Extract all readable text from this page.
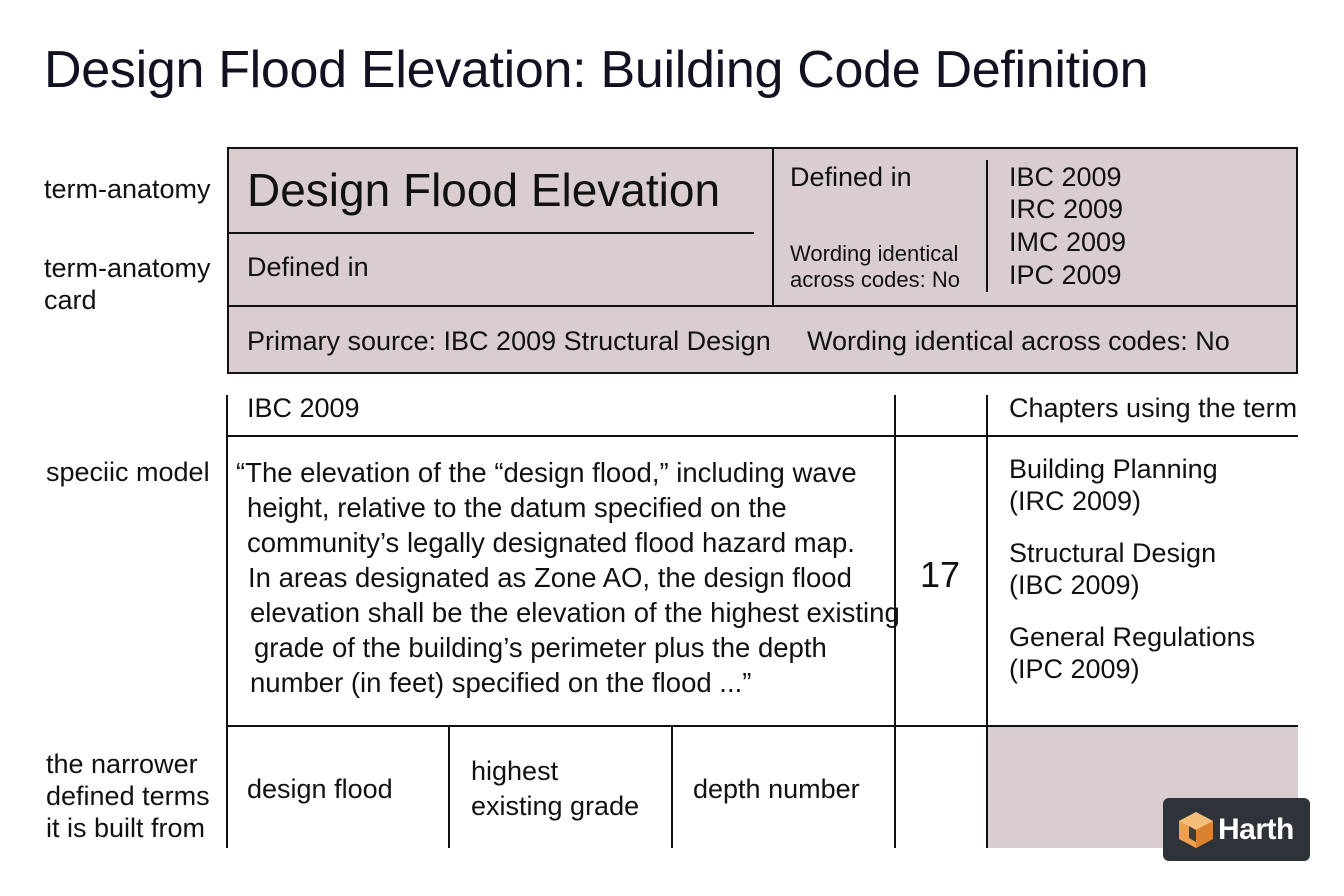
Design Flood Elevation: Building Code Definition
term-anatomy
term-anatomy
card
speciic model
the narrower
defined terms
it is built from
Design Flood Elevation
Defined in
Defined in
Wording identical
across codes: No
IBC 2009
IRC 2009
IMC 2009
IPC 2009
Primary source: IBC 2009 Structural Design Wording identical across codes: No
IBC 2009	Chapters using the term
“The elevation of the “design flood,” including wave
height, relative to the datum specified on the
community’s legally designated flood hazard map.
In areas designated as Zone AO, the design flood
elevation shall be the elevation of the highest existing
grade of the building’s perimeter plus the depth
number (in feet) specified on the flood ...”
17
Building Planning
(IRC 2009)
Structural Design
(IBC 2009)
General Regulations
(IPC 2009)
design flood
highest
existing grade
depth number
Harth
